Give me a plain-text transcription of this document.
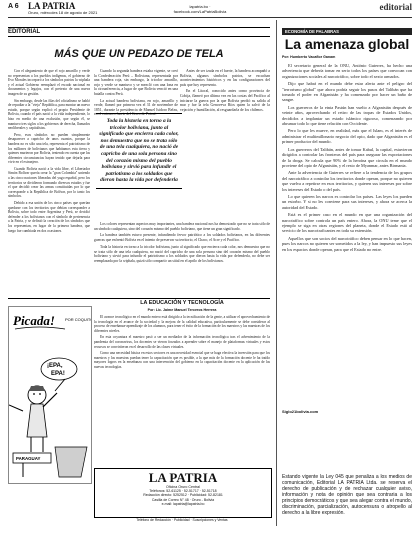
A 6 LA PATRIA
Oruro, miércoles 18 de agosto de 2021
lapatria.bo · facebook.com/LaPatriaBolivia	editorial
EDITORIAL
MÁS QUE UN PEDAZO DE TELA

Con el alegamiento de que el rojo amarillo y verde no representan a los pueblos indígenas, el gobierno de Evo Morales incorporó a los símbolos patrios la wiphala y el actual Gobierno reemplazó el escudo nacional en documentos y legajos, con el pretexto de una nueva imagen de su gestión.

Sin embargo, desde las filas del oficialismo se habló de repudiar a la "vieja" República, para montar un nuevo estado, porque según explicó el propio Presidente de Bolivia, cuando el país nació a la vida independiente, lo hizo en medio de una exclusión, que según él, se mantuvo tres siglos a los gobiernos de derecha, llamados neoliberales y capitalistas.

Pero, esos símbolos no pueden simplemente desaparecer a capricho de unos cuantos, porque la bandera no es sólo una tela, representa el patriotismo de los millones de bolivianos que habitamos esta tierra y quienes murieron por Bolivia, teniendo en cuenta que las diferentes circunstancias hayan tenido que dejarla para vivir en el extranjero.

Cuando Bolivia nació a la vida libre, el Libertador Simón Bolívar quería crear la "gran Colombia" uniendo a las cinco naciones liberadas del yugo español, pero los territorios se dividieron formando diversos estados y fue el que decidió crear las armas constituidas por lo que corresponde a la República de Bolívar, por lo tanto los símbolos.

Debido a esa unión de los cinco países que querían quedarse con los territorios que debían corresponder a Bolivia, sobre todo entre Argentina y Perú, se decidió defender a los bolivianos con el símbolo de pertenencia a la Patria, y se definió la creación de los símbolos que los representan, en lugar de la primera bandera, que luego fue cambiada en dos ocasiones.

Cuando la segunda bandera estaba vigente, se creó la Confederación Perú – Boliviana, representada por una bandera roja, sin embargo, la tricolor amarillo, rojo y verde se mantuvo y se mezcló con una lona en la circunferencia, a lugar de que Bolivia venció en una batalla contra Perú.

La actual bandera boliviana, en rojo, amarillo y verde, flameó por primera vez el 31 de noviembre de 1851, durante la presidencia de Manuel Isidoro Belzu, en el entonces fuerte del Cerro de Potosí.

Toda la historia en torno a la tricolor boliviana, junto al significado que encierra cada color, nos demuestra que no se trata sólo de una tela cualquiera, no nació de capricho de una sola persona sino del corazón mismo del pueblo boliviano y sirvió para infundir el patriotismo a los soldados que dieron hasta la vida por defenderla

Antes de ser izada en el fuerte, la bandera acompañó a Bolivia, algunos símbolos patrios, se escuchan acontecimientos históricos y en las configuraciones del país que hoy representa.

En el Litoral, conocido antes como provincia de Cobija, flameó por última vez en las costas del Pacífico al iniciarse la guerra por la que Bolivia perdió su salida al mar y fue la tela Genoveva Ríos quien la salvó de la vejación y humillación, al resguardarla de los chilenos.

Los colores representan aspectos muy importantes, una bandera nacional nos ha demostrado que no se trata sólo de un símbolo cualquiera, sino del corazón mismo del pueblo boliviano, que tiene un gran significado.

La bandera también estuvo presente, infundiendo fervor patriótico a los soldados bolivianos, en las diferentes guerras que enfrentó Bolivia en el intento de preservar su territorio, el Chaco, el Acre y el Pacífico.

Toda la historia en torno a la tricolor boliviana, junto al significado que encierra cada color, nos demuestra que no se trata sólo de una tela cualquiera, no nació del capricho de una sola persona sino del corazón mismo del pueblo boliviano y sirvió para infundir el patriotismo a los soldados que dieron hasta la vida por defenderla, no debe ser reemplazada por la wiphala, quizá sólo compartir un sitial en el aprilo de los bolivianos.

LA EDUCACIÓN Y TECNOLOGÍA
Por: Lic. Jaime Manuel Terceros Herrera

El avance tecnológico en el mundo entero está dirigido a la tecnificación de la gente, a utilizar el aprovechamiento de la tecnología en el avance de la sociedad y la mejora de la calidad educativa, particularmente se debe considerar al proceso de enseñanza-aprendizaje de los alumnos, para tener el éxito de la formación de los maestros y las maestras de los diferentes niveles.

En esta coyuntura el maestro pasó a ser un mediador de la información tecnológica tras el advenimiento de la pandemia del coronavirus, los docentes se vieron forzados a aprender sobre el manejo de plataformas virtuales y estos recursos se convirtieron en el desarrollo de las clases virtuales.

Como una necesidad básica en estos sectores es una necesidad esencial que se haga efectiva la inversión para que los maestros y las maestras puedan tener la capacitación que es posible, a la que más de la formación docente le ha traído mayores logros en la enseñanza con una intervención del gobierno en la capacitación docente en la aplicación de las nuevas tecnologías.

Picada!	POR COQUITO
¡EPA,
EPA!
PARAGUAY
LA PATRIA
Oficina Oruro Central
Teléfonos: 52-61125 · 52-51717 · 52-51718
Redacción directo: 5252512 · Publicidad: 52-82181
Casilla de Correo N° 48 · Oruro - Bolivia
e-mail: lapatria@lapatria.bo
Teléfono de Redacción · Publicidad · Suscripciones y Ventas
ECONOMÍA DE PALABRAS
La amenaza global
Por: Humberto Vacaflor Ganam

El secretario general de la ONU, António Guterres, ha hecho una advertencia que debería tomar en serio todos los países que convocan con organizaciones sociales al narcotráfico, sobre todo el sexto armados.

Dijo que habrá en el mundo debe estar alerta ante el peligro del "terrorismo global" que ahora podría seguir los pasos del Talibán que ha tomado el poder en Afganistán y ha comenzado por hacer un baño de sangre.

Los guerreros de la etnia Pastún han vuelto a Afganistán después de veinte años, aprovechando el retiro de las tropas de Estados Unidos, decididos a implantar un estado islámico riguroso, comenzando por abrumar todo lo que tiene relación con Occidente.

Pero lo que les mueve, en realidad, más que el Islam, es el interés de administrar el multimillonario negocio del opio, dado que Afganistán es el primer productor del mundo.

Los guerreros del Talibán, antes de tomar Kabul, la capital, estuvieron dirigidos a controlar las fronteras del país para asegurar las exportaciones de la droga. Se calcula que 90% de la heroína que circula en el mundo proviene del opio de Afganistán, y el resto de Myanmar, antes Birmania.

Ante la advertencia de Guterres se refiere a la tendencia de los grupos del narcotráfico a controlar los territorios donde operan, porque no quieren que vuelva a repetirse en esos territorios, y quieren sus intereses por sobre los intereses del Estado o del país.

Lo que quieren los narcos es controlar los países. Las leyes los pueden un estorbo. Y si no les conviene para sus intereses, y ahora se acerca la autoridad del Estado.

Está es el primer caso en el mundo en que una organización del narcotráfico sobre controla un país entero. Ahora, la ONU teme que el ejemplo se siga en otras regiones del planeta, donde el Estado está al servicio de los narcotraficantes en toda su extensión.

Aquellos que son socios del narcotráfico deben pensar en lo que hacen, pues los narcos no quieren ser sometidos a la ley, y han impuesto sus leyes en los espacios donde operan, para que el Estado no entre.

Siglo21bolivia.com
Estando vigente la Ley 045 que penaliza a los medios de comunicación, Editorial LA PATRIA Ltda. se reserva el derecho de publicación y de rechazar cualquier aviso, información y nota de opinión que sea contraria a los principios democráticos y que sea alegar contra el mundo, discriminación, parcialización, autocensura o atropello al derecho a la libre expresión.
